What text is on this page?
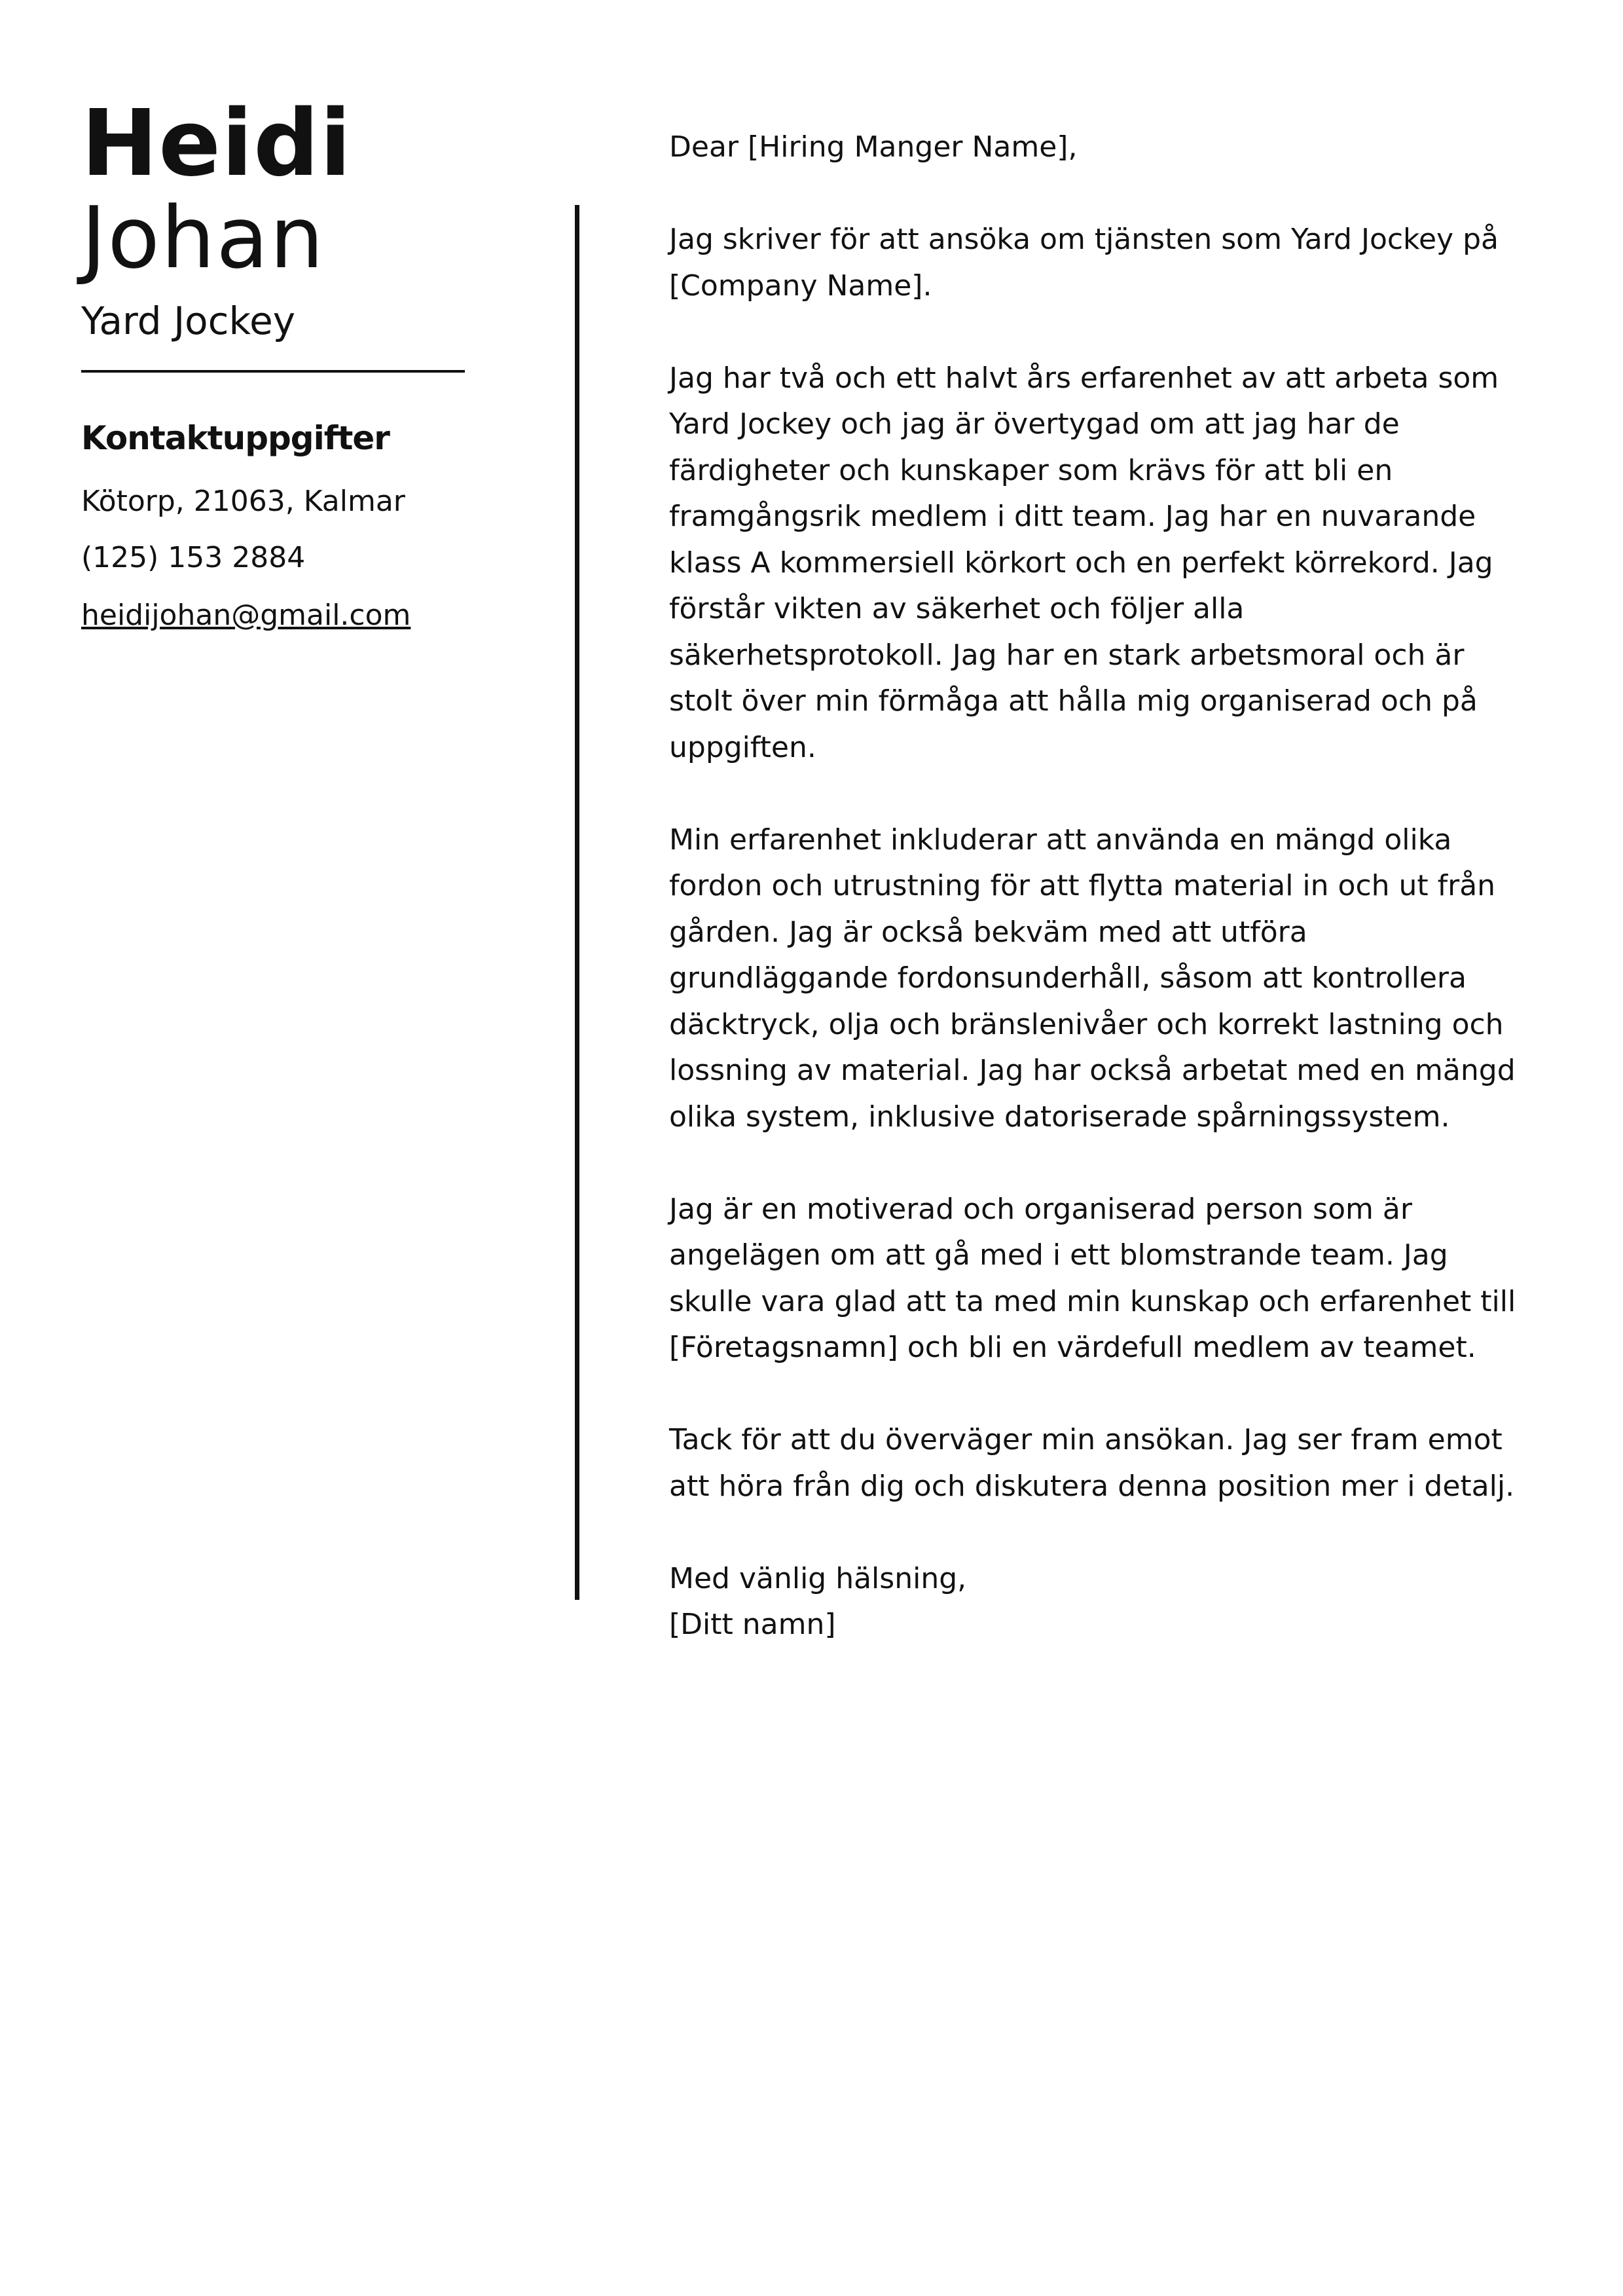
Heidi
Johan
Yard Jockey
Kontaktuppgifter
Kötorp, 21063, Kalmar
(125) 153 2884
heidijohan@gmail.com

Dear [Hiring Manger Name],

Jag skriver för att ansöka om tjänsten som Yard Jockey på [Company Name].

Jag har två och ett halvt års erfarenhet av att arbeta som Yard Jockey och jag är övertygad om att jag har de färdigheter och kunskaper som krävs för att bli en framgångsrik medlem i ditt team. Jag har en nuvarande klass A kommersiell körkort och en perfekt körrekord. Jag förstår vikten av säkerhet och följer alla säkerhetsprotokoll. Jag har en stark arbetsmoral och är stolt över min förmåga att hålla mig organiserad och på uppgiften.

Min erfarenhet inkluderar att använda en mängd olika fordon och utrustning för att flytta material in och ut från gården. Jag är också bekväm med att utföra grundläggande fordonsunderhåll, såsom att kontrollera däcktryck, olja och bränslenivåer och korrekt lastning och lossning av material. Jag har också arbetat med en mängd olika system, inklusive datoriserade spårningssystem.

Jag är en motiverad och organiserad person som är angelägen om att gå med i ett blomstrande team. Jag skulle vara glad att ta med min kunskap och erfarenhet till [Företagsnamn] och bli en värdefull medlem av teamet.

Tack för att du överväger min ansökan. Jag ser fram emot att höra från dig och diskutera denna position mer i detalj.

Med vänlig hälsning,

[Ditt namn]
